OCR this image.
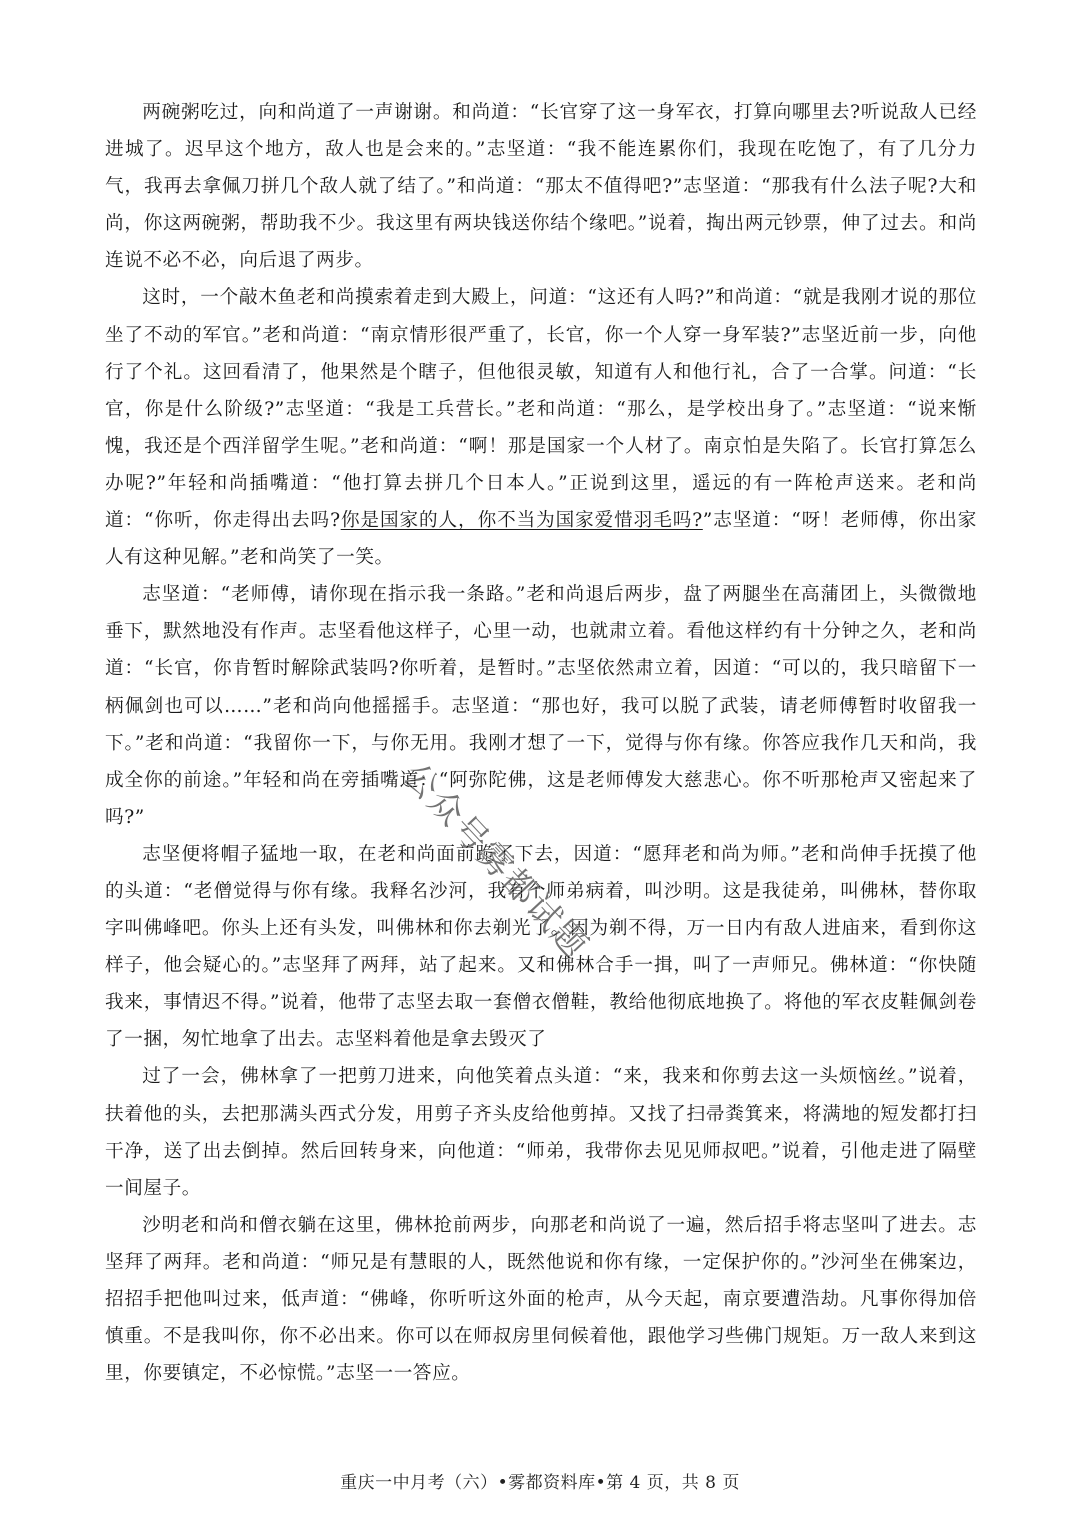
两碗粥吃过，向和尚道了一声谢谢。和尚道：“长官穿了这一身军衣，打算向哪里去?听说敌人已经进城了。迟早这个地方，敌人也是会来的。”志坚道：“我不能连累你们，我现在吃饱了，有了几分力气，我再去拿佩刀拼几个敌人就了结了。”和尚道：“那太不值得吧?”志坚道：“那我有什么法子呢?大和尚，你这两碗粥，帮助我不少。我这里有两块钱送你结个缘吧。”说着，掏出两元钞票，伸了过去。和尚连说不必不必，向后退了两步。

这时，一个敲木鱼老和尚摸索着走到大殿上，问道：“这还有人吗?”和尚道：“就是我刚才说的那位坐了不动的军官。”老和尚道：“南京情形很严重了，长官，你一个人穿一身军装?”志坚近前一步，向他行了个礼。这回看清了，他果然是个瞎子，但他很灵敏，知道有人和他行礼，合了一合掌。问道：“长官，你是什么阶级?”志坚道：“我是工兵营长。”老和尚道：“那么，是学校出身了。”志坚道：“说来惭愧，我还是个西洋留学生呢。”老和尚道：“啊！那是国家一个人材了。南京怕是失陷了。长官打算怎么办呢?”年轻和尚插嘴道：“他打算去拼几个日本人。”正说到这里，遥远的有一阵枪声送来。老和尚道：“你听，你走得出去吗?你是国家的人，你不当为国家爱惜羽毛吗?”志坚道：“呀！老师傅，你出家人有这种见解。”老和尚笑了一笑。

志坚道：“老师傅，请你现在指示我一条路。”老和尚退后两步，盘了两腿坐在高蒲团上，头微微地垂下，默然地没有作声。志坚看他这样子，心里一动，也就肃立着。看他这样约有十分钟之久，老和尚道：“长官，你肯暂时解除武装吗?你听着，是暂时。”志坚依然肃立着，因道：“可以的，我只暗留下一柄佩剑也可以……”老和尚向他摇摇手。志坚道：“那也好，我可以脱了武装，请老师傅暂时收留我一下。”老和尚道：“我留你一下，与你无用。我刚才想了一下，觉得与你有缘。你答应我作几天和尚，我成全你的前途。”年轻和尚在旁插嘴道：“阿弥陀佛，这是老师傅发大慈悲心。你不听那枪声又密起来了吗?”

志坚便将帽子猛地一取，在老和尚面前跪了下去，因道：“愿拜老和尚为师。”老和尚伸手抚摸了他的头道：“老僧觉得与你有缘。我释名沙河，我有个师弟病着，叫沙明。这是我徒弟，叫佛林，替你取字叫佛峰吧。你头上还有头发，叫佛林和你去剃光了。因为剃不得，万一日内有敌人进庙来，看到你这样子，他会疑心的。”志坚拜了两拜，站了起来。又和佛林合手一揖，叫了一声师兄。佛林道：“你快随我来，事情迟不得。”说着，他带了志坚去取一套僧衣僧鞋，教给他彻底地换了。将他的军衣皮鞋佩剑卷了一捆，匆忙地拿了出去。志坚料着他是拿去毁灭了

过了一会，佛林拿了一把剪刀进来，向他笑着点头道：“来，我来和你剪去这一头烦恼丝。”说着，扶着他的头，去把那满头西式分发，用剪子齐头皮给他剪掉。又找了扫帚粪箕来，将满地的短发都打扫干净，送了出去倒掉。然后回转身来，向他道：“师弟，我带你去见见师叔吧。”说着，引他走进了隔壁一间屋子。

沙明老和尚和僧衣躺在这里，佛林抢前两步，向那老和尚说了一遍，然后招手将志坚叫了进去。志坚拜了两拜。老和尚道：“师兄是有慧眼的人，既然他说和你有缘，一定保护你的。”沙河坐在佛案边，招招手把他叫过来，低声道：“佛峰，你听听这外面的枪声，从今天起，南京要遭浩劫。凡事你得加倍慎重。不是我叫你，你不必出来。你可以在师叔房里伺候着他，跟他学习些佛门规矩。万一敌人来到这里，你要镇定，不必惊慌。”志坚一一答应。

公众号雾都试题
重庆一中月考（六）•雾都资料库•第 4 页，共 8 页
